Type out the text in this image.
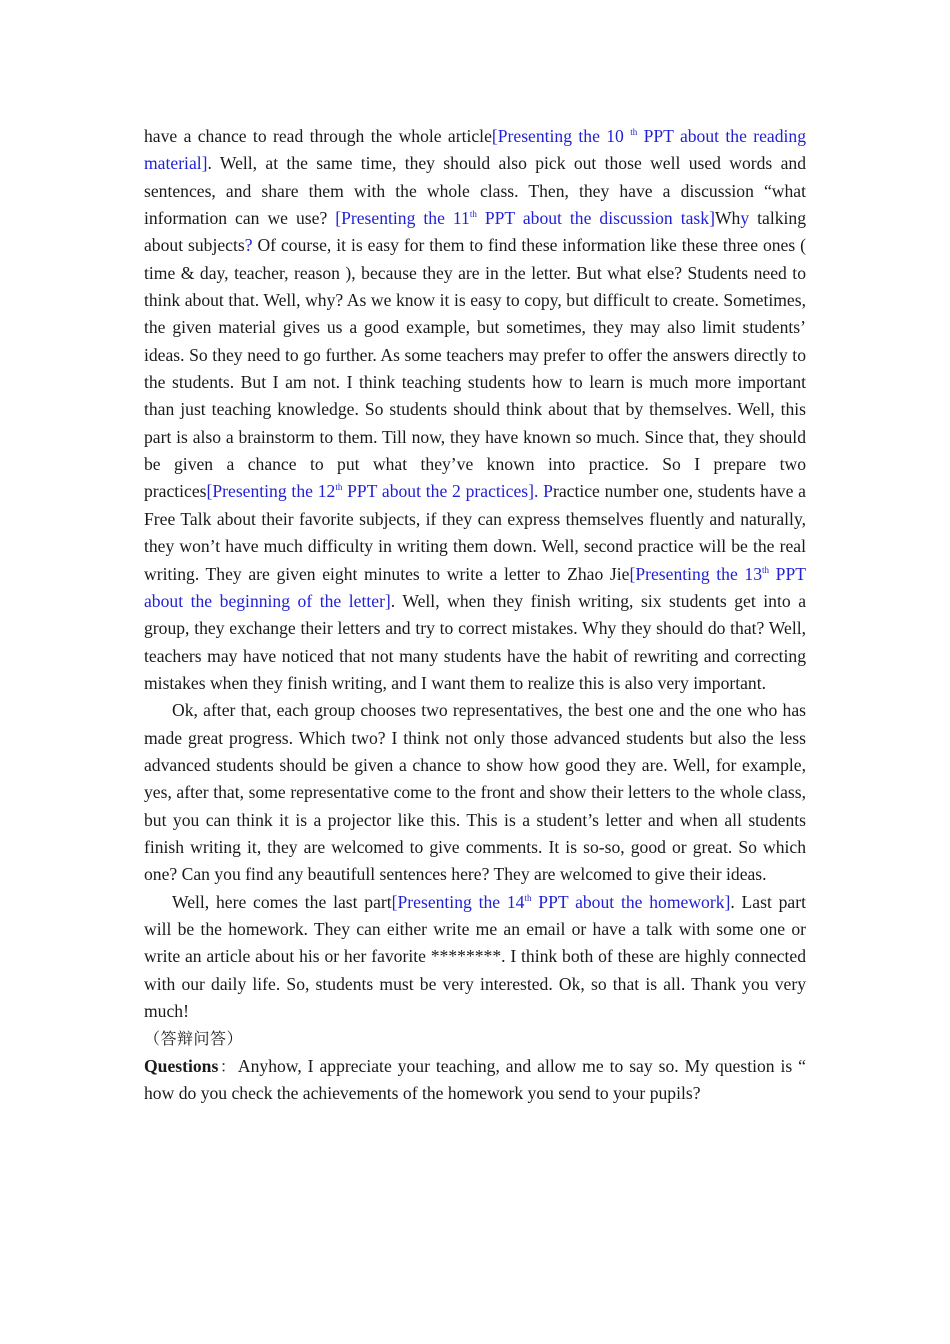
have a chance to read through the whole article[Presenting the 10 $^{th}$ PPT about the reading material]. Well, at the same time, they should also pick out those well used words and sentences, and share them with the whole class. Then, they have a discussion “what information can we use? [Presenting the 11th PPT about the discussion task]Why talking about subjects? Of course, it is easy for them to find these information like these three ones ( time & day, teacher, reason ), because they are in the letter. But what else? Students need to think about that. Well, why? As we know it is easy to copy, but difficult to create. Sometimes, the given material gives us a good example, but sometimes, they may also limit students’ ideas. So they need to go further. As some teachers may prefer to offer the answers directly to the students. But I am not. I think teaching students how to learn is much more important than just teaching knowledge. So students should think about that by themselves. Well, this part is also a brainstorm to them. Till now, they have known so much. Since that, they should be given a chance to put what they’ve known into practice. So I prepare two practices[Presenting the 12th PPT about the 2 practices]. Practice number one, students have a Free Talk about their favorite subjects, if they can express themselves fluently and naturally, they won’t have much difficulty in writing them down. Well, second practice will be the real writing. They are given eight minutes to write a letter to Zhao Jie[Presenting the 13th PPT about the beginning of the letter]. Well, when they finish writing, six students get into a group, they exchange their letters and try to correct mistakes. Why they should do that? Well, teachers may have noticed that not many students have the habit of rewriting and correcting mistakes when they finish writing, and I want them to realize this is also very important.

Ok, after that, each group chooses two representatives, the best one and the one who has made great progress. Which two? I think not only those advanced students but also the less advanced students should be given a chance to show how good they are. Well, for example, yes, after that, some representative come to the front and show their letters to the whole class, but you can think it is a projector like this. This is a student’s letter and when all students finish writing it, they are welcomed to give comments. It is so-so, good or great. So which one? Can you find any beautifull sentences here? They are welcomed to give their ideas.

Well, here comes the last part[Presenting the 14th PPT about the homework]. Last part will be the homework. They can either write me an email or have a talk with some one or write an article about his or her favorite ********. I think both of these are highly connected with our daily life. So, students must be very interested. Ok, so that is all. Thank you very much!

（答辩问答）

Questions：Anyhow, I appreciate your teaching, and allow me to say so. My question is “ how do you check the achievements of the homework you send to your pupils?
